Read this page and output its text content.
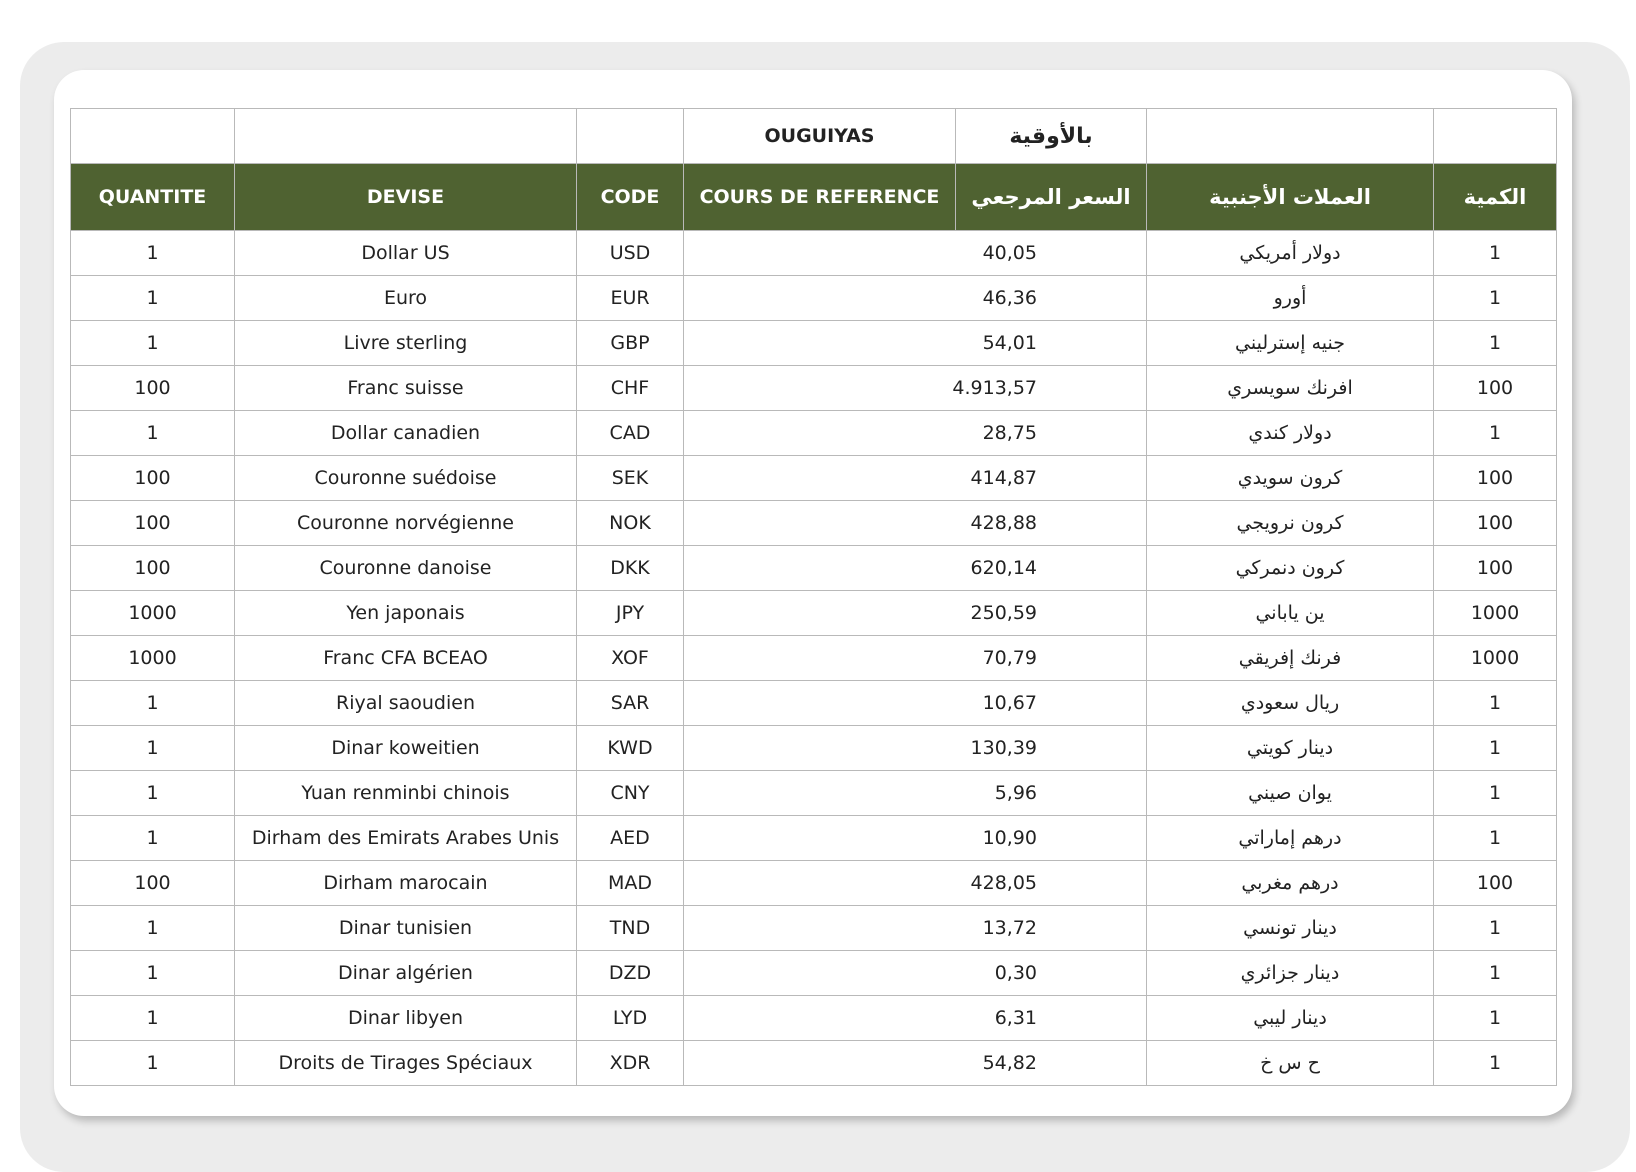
			OUGUIYAS	بالأوقية		
QUANTITE	DEVISE	CODE	COURS DE REFERENCE	السعر المرجعي	العملات الأجنبية	الكمية
1	Dollar US	USD	40,05		دولار أمريكي	1
1	Euro	EUR	46,36		أورو	1
1	Livre sterling	GBP	54,01		جنيه إسترليني	1
100	Franc suisse	CHF	4.913,57		افرنك سويسري	100
1	Dollar canadien	CAD	28,75		دولار كندي	1
100	Couronne suédoise	SEK	414,87		كرون سويدي	100
100	Couronne norvégienne	NOK	428,88		كرون نرويجي	100
100	Couronne danoise	DKK	620,14		كرون دنمركي	100
1000	Yen japonais	JPY	250,59		ين ياباني	1000
1000	Franc CFA BCEAO	XOF	70,79		فرنك إفريقي	1000
1	Riyal saoudien	SAR	10,67		ريال سعودي	1
1	Dinar koweitien	KWD	130,39		دينار كويتي	1
1	Yuan renminbi chinois	CNY	5,96		يوان صيني	1
1	Dirham des Emirats Arabes Unis	AED	10,90		درهم إماراتي	1
100	Dirham marocain	MAD	428,05		درهم مغربي	100
1	Dinar tunisien	TND	13,72		دينار تونسي	1
1	Dinar algérien	DZD	0,30		دينار جزائري	1
1	Dinar libyen	LYD	6,31		دينار ليبي	1
1	Droits de Tirages Spéciaux	XDR	54,82		ح س خ	1
